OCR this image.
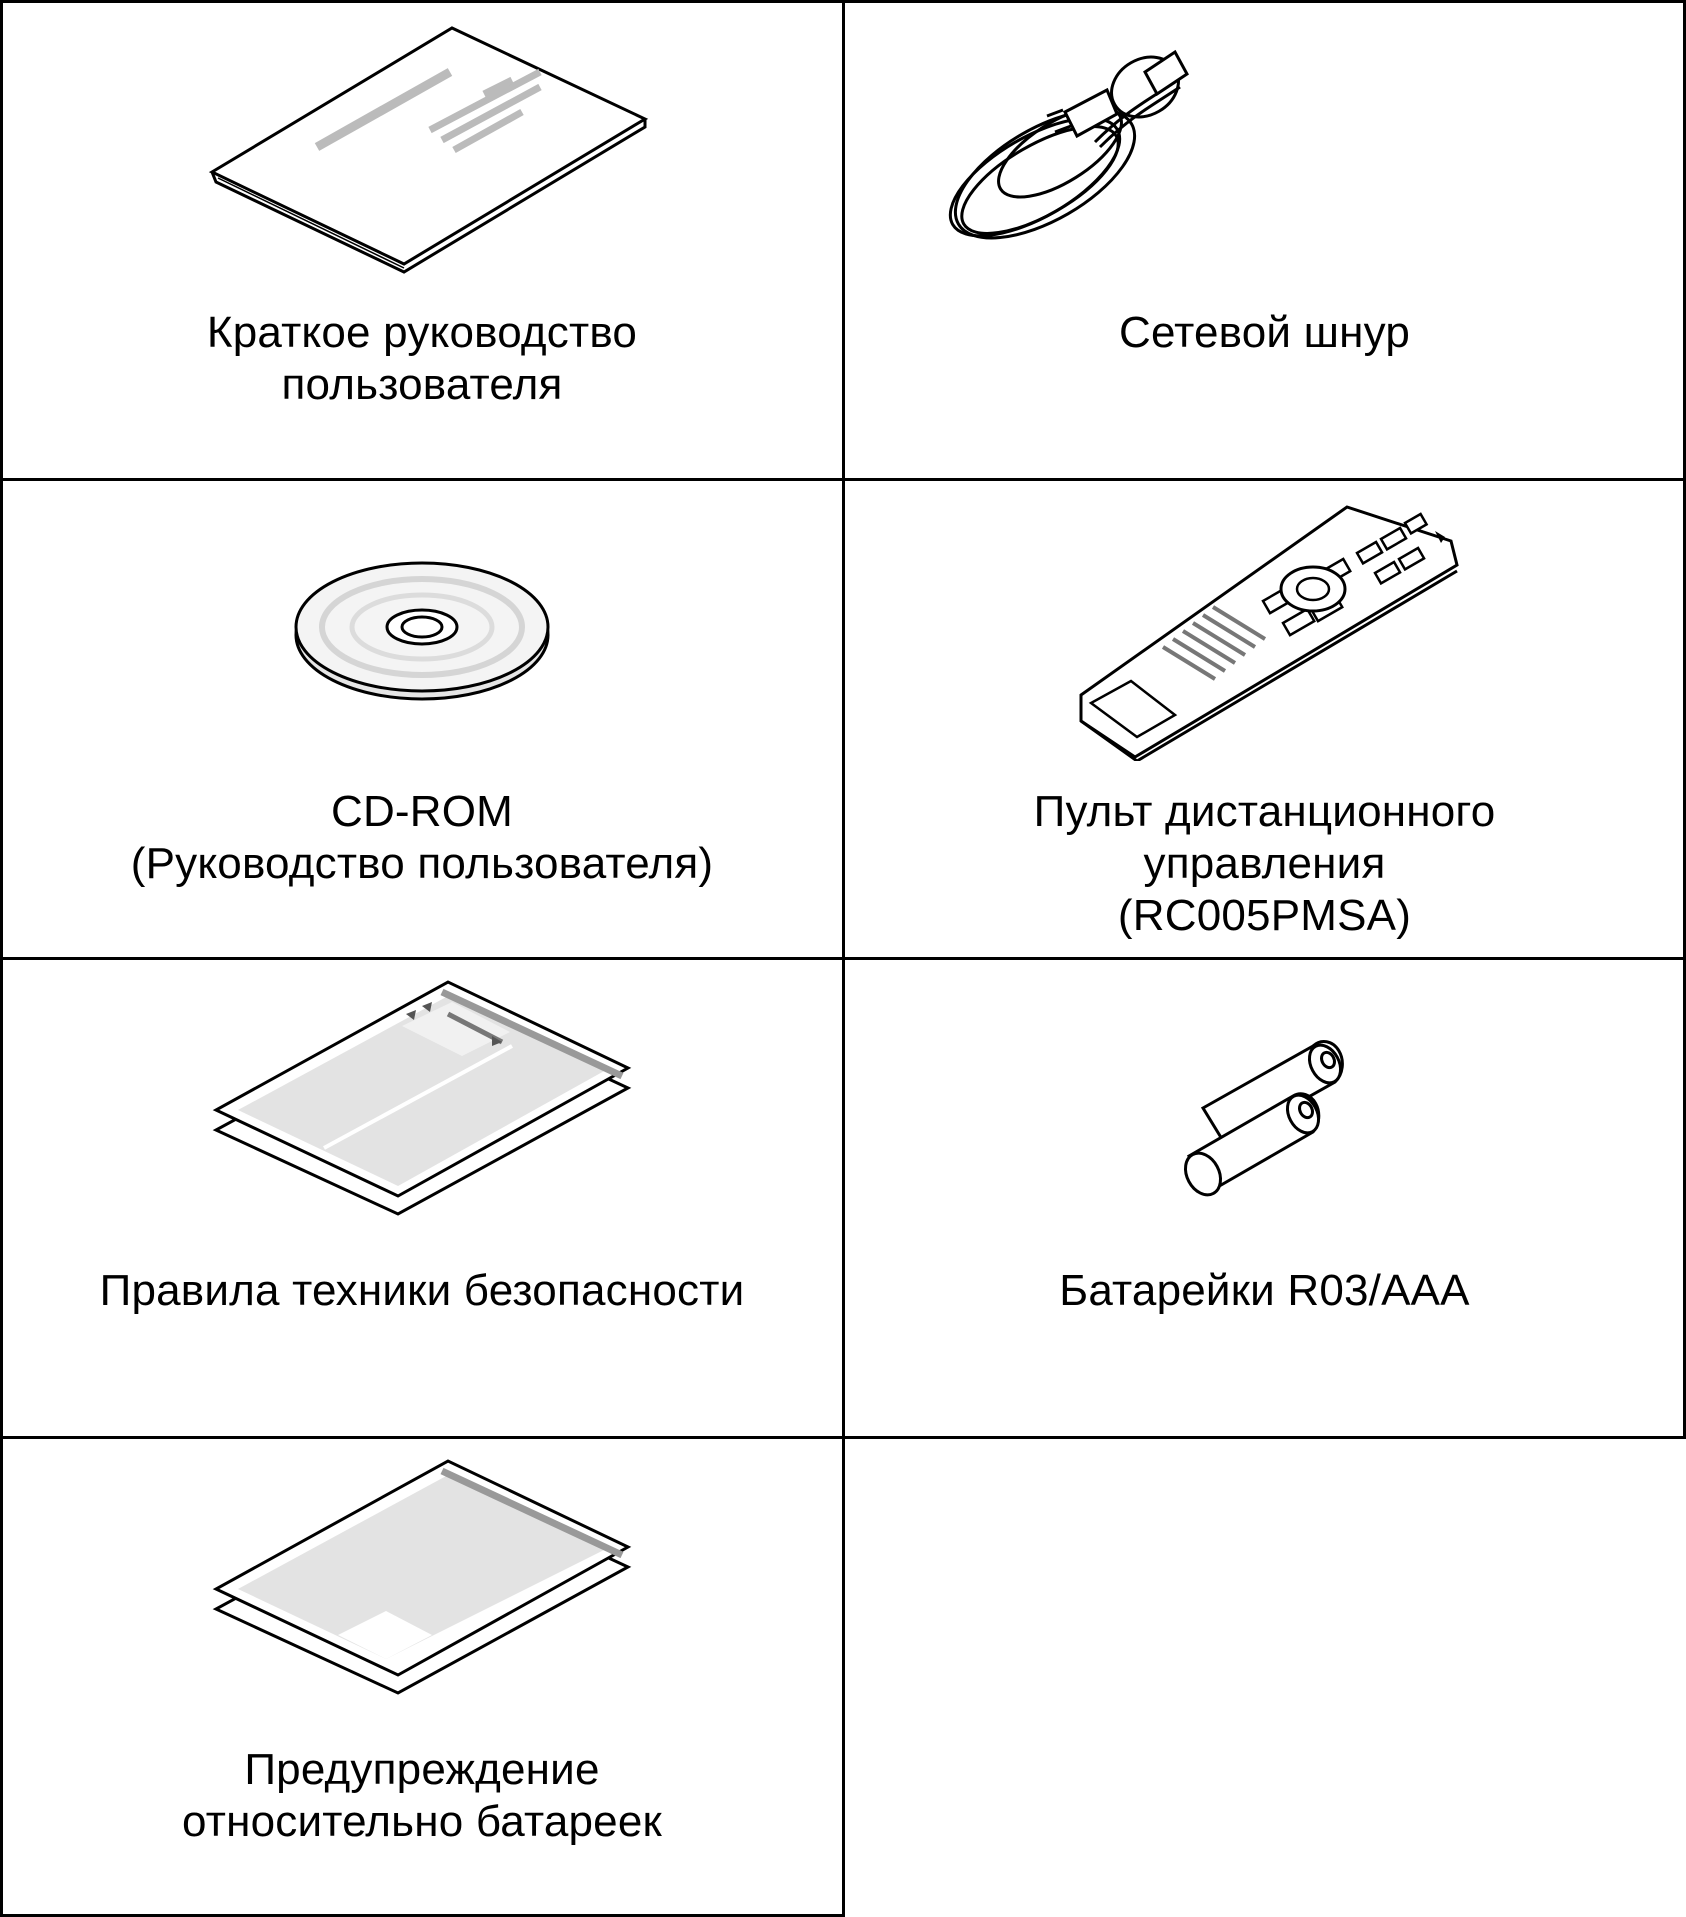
Краткое руководство
пользователя
Сетевой шнур
CD-ROM
(Руководство пользователя)
Пульт дистанционного
управления
(RC005PMSA)
Правила техники безопасности	Батарейки R03/AAA
Предупреждение
относительно батареек
